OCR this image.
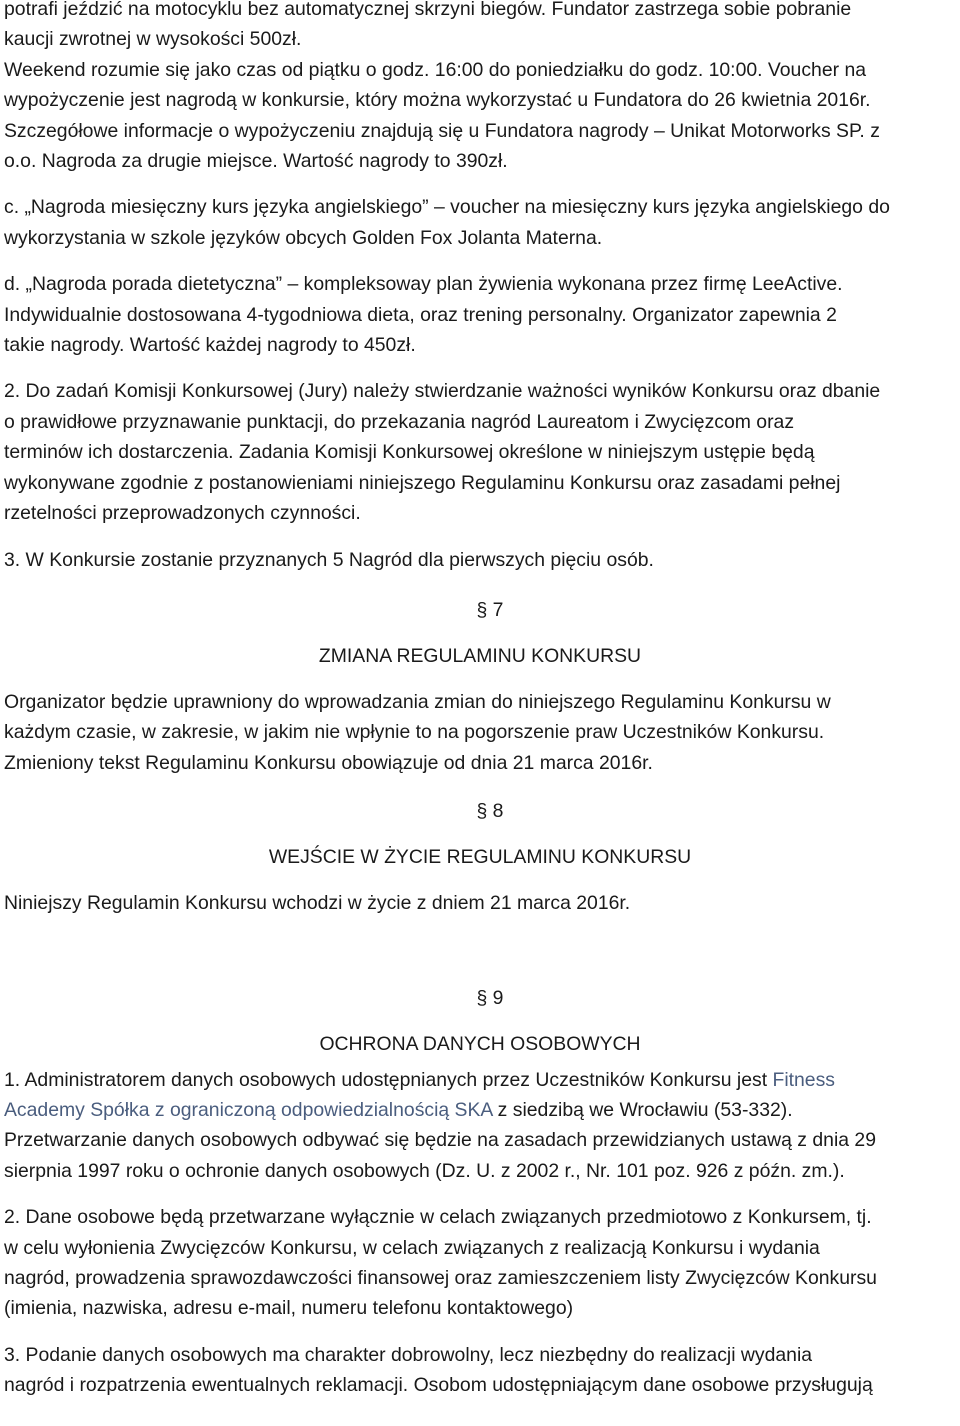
potrafi jeździć na motocyklu bez automatycznej skrzyni biegów. Fundator zastrzega sobie pobranie

kaucji zwrotnej w wysokości 500zł.

Weekend rozumie się jako czas od piątku o godz. 16:00 do poniedziałku do godz. 10:00. Voucher na

wypożyczenie jest nagrodą w konkursie, który można wykorzystać u Fundatora do 26 kwietnia 2016r.

Szczegółowe informacje o wypożyczeniu znajdują się u Fundatora nagrody – Unikat Motorworks SP. z

o.o. Nagroda za drugie miejsce. Wartość nagrody to 390zł.

c. „Nagroda miesięczny kurs języka angielskiego” – voucher na miesięczny kurs języka angielskiego do

wykorzystania w szkole języków obcych Golden Fox Jolanta Materna.

d. „Nagroda porada dietetyczna” – kompleksoway plan żywienia wykonana przez firmę LeeActive.

Indywidualnie dostosowana 4-tygodniowa dieta, oraz trening personalny. Organizator zapewnia 2

takie nagrody. Wartość każdej nagrody to 450zł.

2. Do zadań Komisji Konkursowej (Jury) należy stwierdzanie ważności wyników Konkursu oraz dbanie

o prawidłowe przyznawanie punktacji, do przekazania nagród Laureatom i Zwycięzcom oraz

terminów ich dostarczenia. Zadania Komisji Konkursowej określone w niniejszym ustępie będą

wykonywane zgodnie z postanowieniami niniejszego Regulaminu Konkursu oraz zasadami pełnej

rzetelności przeprowadzonych czynności.

3. W Konkursie zostanie przyznanych 5 Nagród dla pierwszych pięciu osób.

§ 7

ZMIANA REGULAMINU KONKURSU

Organizator będzie uprawniony do wprowadzania zmian do niniejszego Regulaminu Konkursu w

każdym czasie, w zakresie, w jakim nie wpłynie to na pogorszenie praw Uczestników Konkursu.

Zmieniony tekst Regulaminu Konkursu obowiązuje od dnia 21 marca 2016r.

§ 8

WEJŚCIE W ŻYCIE REGULAMINU KONKURSU

Niniejszy Regulamin Konkursu wchodzi w życie z dniem 21 marca 2016r.

§ 9

OCHRONA DANYCH OSOBOWYCH

1. Administratorem danych osobowych udostępnianych przez Uczestników Konkursu jest Fitness

Academy Spółka z ograniczoną odpowiedzialnością SKA z siedzibą we Wrocławiu (53-332).

Przetwarzanie danych osobowych odbywać się będzie na zasadach przewidzianych ustawą z dnia 29

sierpnia 1997 roku o ochronie danych osobowych (Dz. U. z 2002 r., Nr. 101 poz. 926 z późn. zm.).

2. Dane osobowe będą przetwarzane wyłącznie w celach związanych przedmiotowo z Konkursem, tj.

w celu wyłonienia Zwycięzców Konkursu, w celach związanych z realizacją Konkursu i wydania

nagród, prowadzenia sprawozdawczości finansowej oraz zamieszczeniem listy Zwycięzców Konkursu

(imienia, nazwiska, adresu e-mail, numeru telefonu kontaktowego)

3. Podanie danych osobowych ma charakter dobrowolny, lecz niezbędny do realizacji wydania

nagród i rozpatrzenia ewentualnych reklamacji. Osobom udostępniającym dane osobowe przysługują
